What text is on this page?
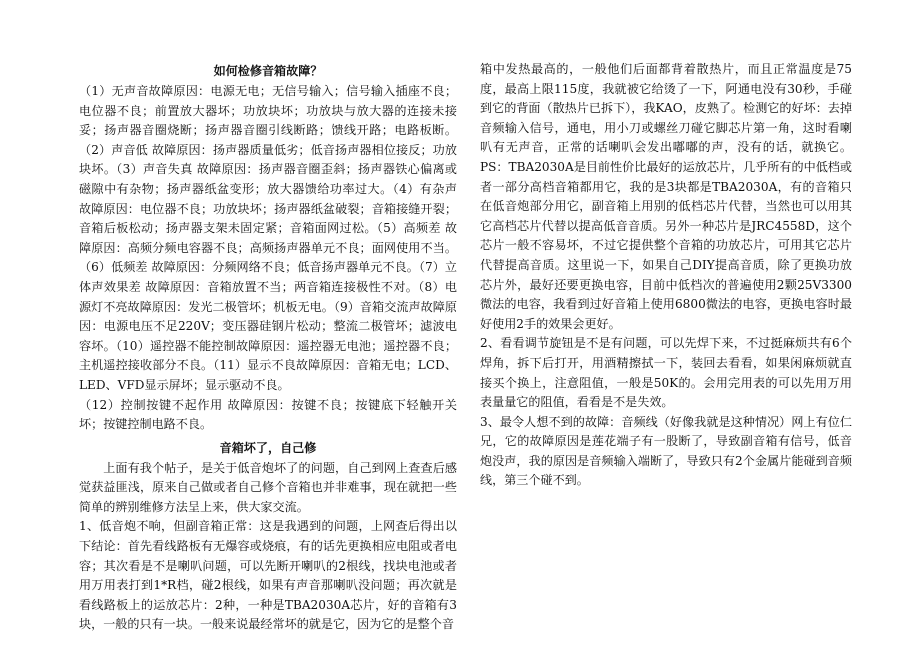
如何检修音箱故障？

（1）无声音故障原因：电源无电；无信号输入；信号输入插座不良；电位器不良；前置放大器坏；功放块坏；功放块与放大器的连接未接妥；扬声器音圈烧断；扬声器音圈引线断路；馈线开路；电路板断。（2）声音低 故障原因：扬声器质量低劣；低音扬声器相位接反；功放块坏。（3）声音失真 故障原因：扬声器音圈歪斜；扬声器铁心偏离或磁隙中有杂物；扬声器纸盆变形；放大器馈给功率过大。（4）有杂声 故障原因：电位器不良；功放块坏；扬声器纸盆破裂；音箱接缝开裂；音箱后板松动；扬声器支架未固定紧；音箱面网过松。（5）高频差 故障原因：高频分频电容器不良；高频扬声器单元不良；面网使用不当。（6）低频差 故障原因：分频网络不良；低音扬声器单元不良。（7）立体声效果差 故障原因：音箱放置不当；两音箱连接极性不对。（8）电源灯不亮故障原因：发光二极管坏；机板无电。（9）音箱交流声故障原因：电源电压不足220V；变压器硅钢片松动；整流二极管坏；滤波电容坏。（10）遥控器不能控制故障原因：遥控器无电池；遥控器不良；主机遥控接收部分不良。（11）显示不良故障原因：音箱无电；LCD、LED、VFD显示屏坏；显示驱动不良。

（12）控制按键不起作用 故障原因：按键不良；按键底下轻触开关坏；按键控制电路不良。

音箱坏了，自己修

上面有我个帖子，是关于低音炮坏了的问题，自己到网上查查后感觉获益匪浅，原来自己做或者自己修个音箱也并非难事，现在就把一些简单的辨别维修方法呈上来，供大家交流。

1、低音炮不响，但副音箱正常：这是我遇到的问题，上网查后得出以下结论：首先看线路板有无爆容或烧痕，有的话先更换相应电阻或者电容；其次看是不是喇叭问题，可以先断开喇叭的2根线，找块电池或者用万用表打到1*R档，碰2根线，如果有声音那喇叭没问题；再次就是看线路板上的运放芯片：2种，一种是TBA2030A芯片，好的音箱有3块，一般的只有一块。一般来说最经常坏的就是它，因为它的是整个音

箱中发热最高的，一般他们后面都背着散热片，而且正常温度是75度，最高上限115度，我就被它给烫了一下，阿通电没有30秒，手碰到它的背面（散热片已拆下），我KAO，皮熟了。检测它的好坏：去掉音频输入信号，通电，用小刀或螺丝刀碰它脚芯片第一角，这时看喇叭有无声音，正常的话喇叭会发出嘟嘟的声，没有的话，就换它。PS：TBA2030A是目前性价比最好的运放芯片，几乎所有的中低档或者一部分高档音箱都用它，我的是3块都是TBA2030A，有的音箱只在低音炮部分用它，副音箱上用别的低档芯片代替，当然也可以用其它高档芯片代替以提高低音音质。另外一种芯片是JRC4558D，这个芯片一般不容易坏，不过它提供整个音箱的功放芯片，可用其它芯片代替提高音质。这里说一下，如果自己DIY提高音质，除了更换功放芯片外，最好还要更换电容，目前中低档次的普遍使用2颗25V3300微法的电容，我看到过好音箱上使用6800微法的电容，更换电容时最好使用2手的效果会更好。

2、看看调节旋钮是不是有问题，可以先焊下来，不过挺麻烦共有6个焊角，拆下后打开，用酒精擦拭一下，装回去看看，如果闲麻烦就直接买个换上，注意阻值，一般是50K的。会用完用表的可以先用万用表量量它的阻值，看看是不是失效。

3、最令人想不到的故障：音频线（好像我就是这种情况）网上有位仁兄，它的故障原因是莲花端子有一股断了，导致副音箱有信号，低音炮没声，我的原因是音频输入端断了，导致只有2个金属片能碰到音频线，第三个碰不到。
